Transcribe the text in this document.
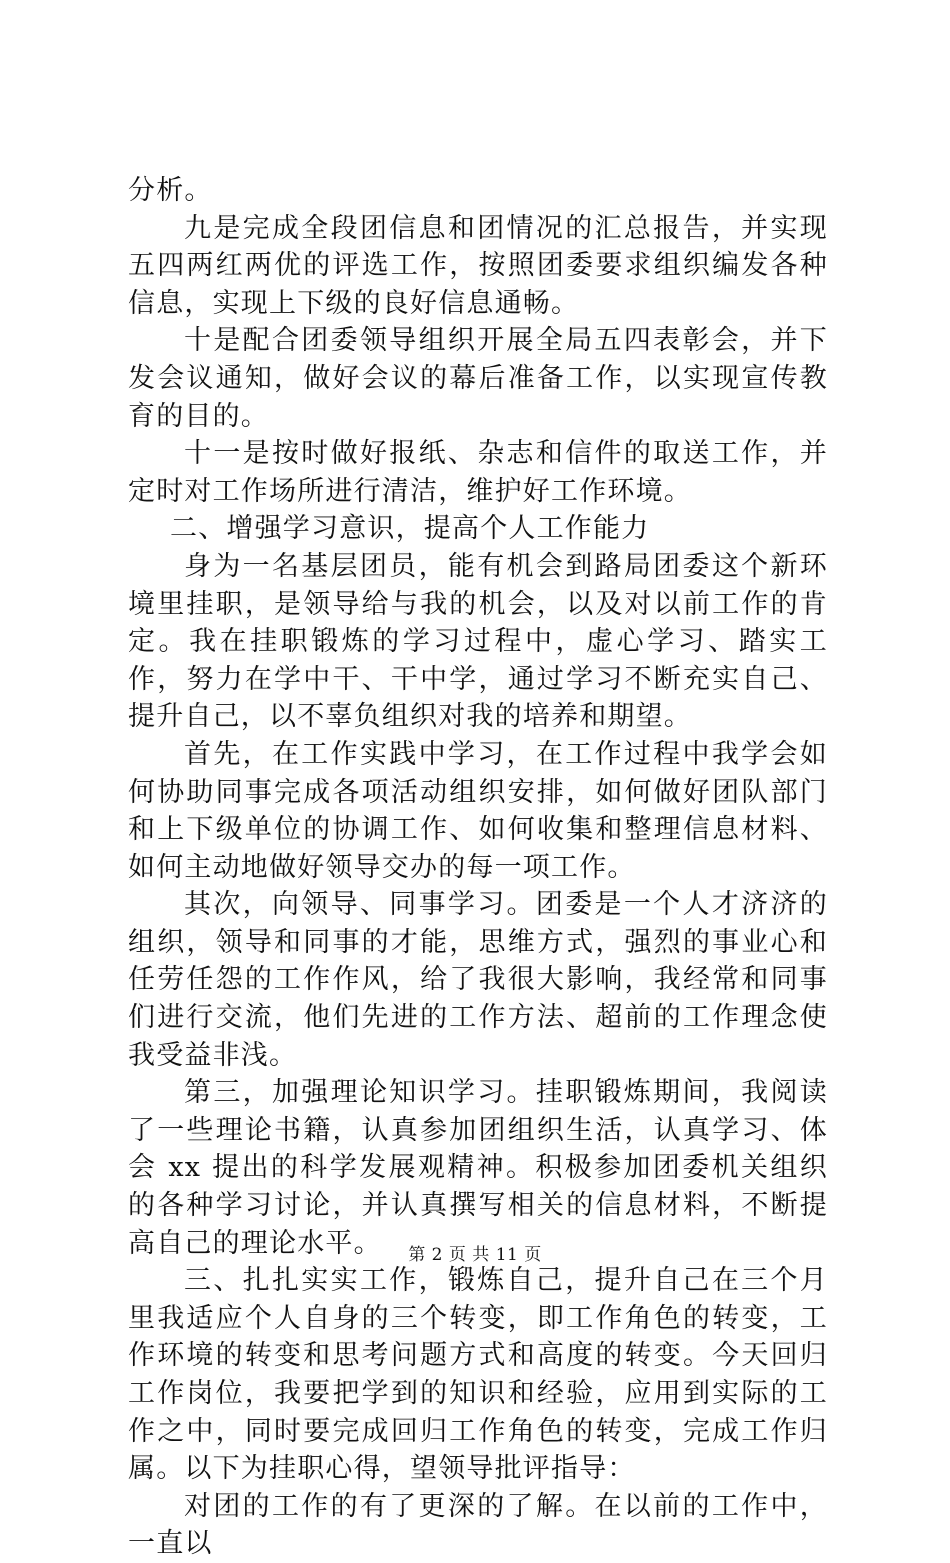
分析。

九是完成全段团信息和团情况的汇总报告，并实现五四两红两优的评选工作，按照团委要求组织编发各种信息，实现上下级的良好信息通畅。

十是配合团委领导组织开展全局五四表彰会，并下发会议通知，做好会议的幕后准备工作，以实现宣传教育的目的。

十一是按时做好报纸、杂志和信件的取送工作，并定时对工作场所进行清洁，维护好工作环境。

二、增强学习意识，提高个人工作能力

身为一名基层团员，能有机会到路局团委这个新环境里挂职，是领导给与我的机会，以及对以前工作的肯定。我在挂职锻炼的学习过程中，虚心学习、踏实工作，努力在学中干、干中学，通过学习不断充实自己、提升自己，以不辜负组织对我的培养和期望。

首先，在工作实践中学习，在工作过程中我学会如何协助同事完成各项活动组织安排，如何做好团队部门和上下级单位的协调工作、如何收集和整理信息材料、如何主动地做好领导交办的每一项工作。

其次，向领导、同事学习。团委是一个人才济济的组织，领导和同事的才能，思维方式，强烈的事业心和任劳任怨的工作作风，给了我很大影响，我经常和同事们进行交流，他们先进的工作方法、超前的工作理念使我受益非浅。

第三，加强理论知识学习。挂职锻炼期间，我阅读了一些理论书籍，认真参加团组织生活，认真学习、体会 xx 提出的科学发展观精神。积极参加团委机关组织的各种学习讨论，并认真撰写相关的信息材料，不断提高自己的理论水平。

三、扎扎实实工作，锻炼自己，提升自己在三个月里我适应个人自身的三个转变，即工作角色的转变，工作环境的转变和思考问题方式和高度的转变。今天回归工作岗位，我要把学到的知识和经验，应用到实际的工作之中，同时要完成回归工作角色的转变，完成工作归属。以下为挂职心得，望领导批评指导：

对团的工作的有了更深的了解。在以前的工作中，一直以

第 2 页 共 11 页
